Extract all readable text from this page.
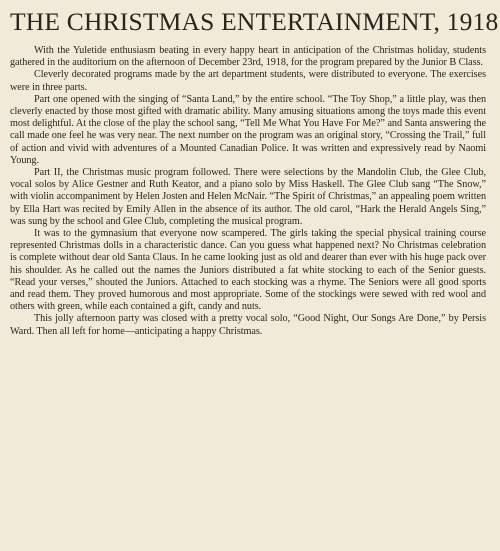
THE CHRISTMAS ENTERTAINMENT, 1918

With the Yuletide enthusiasm beating in every happy heart in anticipation of the Christmas holiday, students gathered in the auditorium on the afternoon of December 23rd, 1918, for the program prepared by the Junior B Class.

Cleverly decorated programs made by the art department students, were distributed to everyone. The exercises were in three parts.

Part one opened with the singing of “Santa Land,” by the entire school. “The Toy Shop,” a little play, was then cleverly enacted by those most gifted with dramatic ability. Many amusing situations among the toys made this event most delightful. At the close of the play the school sang, “Tell Me What You Have For Me?” and Santa answering the call made one feel he was very near. The next number on the program was an original story, “Crossing the Trail,” full of action and vivid with adventures of a Mounted Canadian Police. It was written and expressively read by Naomi Young.

Part II, the Christmas music program followed. There were selections by the Mandolin Club, the Glee Club, vocal solos by Alice Gestner and Ruth Keator, and a piano solo by Miss Haskell. The Glee Club sang “The Snow,” with violin accompaniment by Helen Josten and Helen McNair. “The Spirit of Christmas,” an appealing poem written by Ella Hart was recited by Emily Allen in the absence of its author. The old carol, “Hark the Herald Angels Sing,” was sung by the school and Glee Club, completing the musical program.

It was to the gymnasium that everyone now scampered. The girls taking the special physical training course represented Christmas dolls in a characteristic dance. Can you guess what happened next? No Christmas celebration is complete without dear old Santa Claus. In he came looking just as old and dearer than ever with his huge pack over his shoulder. As he called out the names the Juniors distributed a fat white stocking to each of the Senior guests. “Read your verses,” shouted the Juniors. Attached to each stocking was a rhyme. The Seniors were all good sports and read them. They proved humorous and most appropriate. Some of the stockings were sewed with red wool and others with green, while each contained a gift, candy and nuts.

This jolly afternoon party was closed with a pretty vocal solo, “Good Night, Our Songs Are Done,” by Persis Ward. Then all left for home—anticipating a happy Christmas.
